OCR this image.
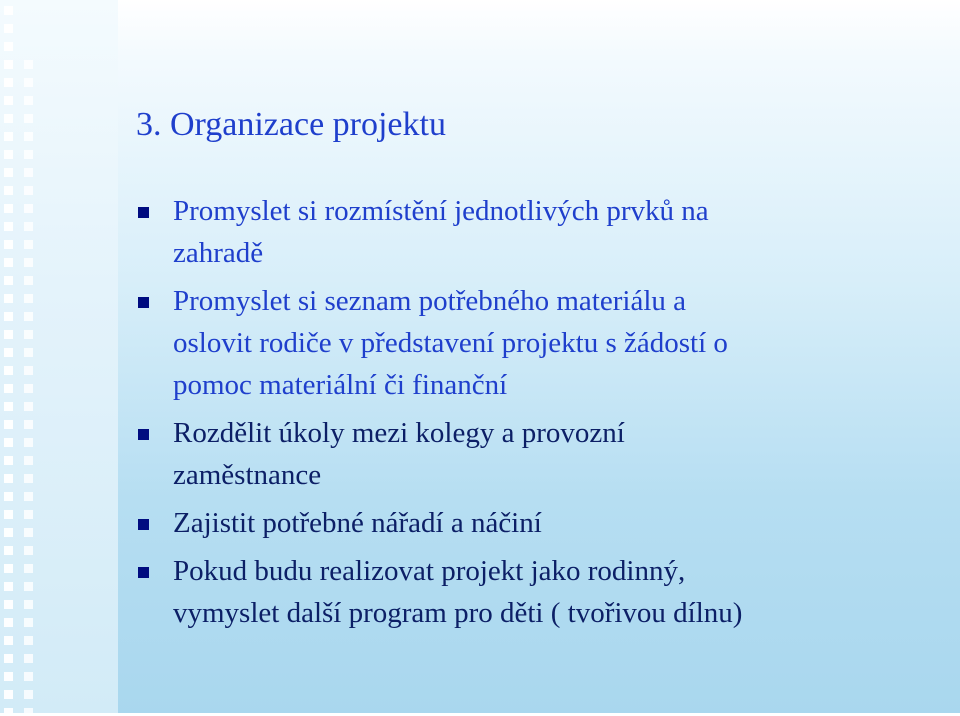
3. Organizace projektu
Promyslet si rozmístění jednotlivých prvků na
zahradě
Promyslet si seznam potřebného materiálu a
oslovit rodiče v představení projektu s žádostí o
pomoc materiální či finanční
Rozdělit úkoly mezi kolegy a provozní
zaměstnance
Zajistit potřebné nářadí a náčiní
Pokud budu realizovat projekt jako rodinný,
vymyslet další program pro děti ( tvořivou dílnu)
